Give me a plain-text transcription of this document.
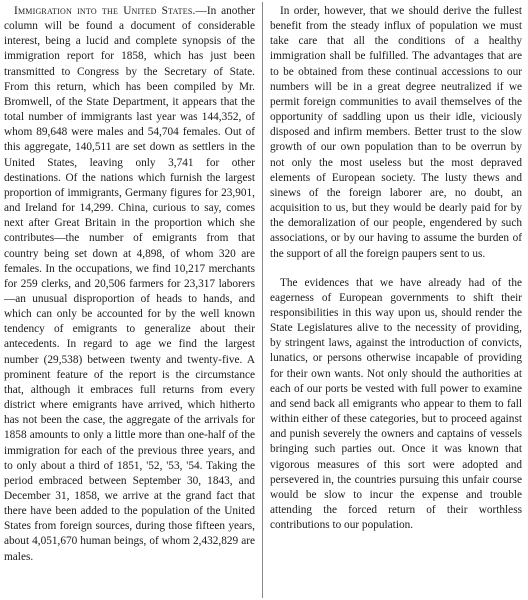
Immigration into the United States.—In another column will be found a document of considerable interest, being a lucid and complete synopsis of the immigration report for 1858, which has just been transmitted to Congress by the Secretary of State. From this return, which has been compiled by Mr. Bromwell, of the State Department, it appears that the total number of immigrants last year was 144,352, of whom 89,648 were males and 54,704 females. Out of this aggregate, 140,511 are set down as settlers in the United States, leaving only 3,741 for other destinations. Of the nations which furnish the largest proportion of immigrants, Germany figures for 23,901, and Ireland for 14,299. China, curious to say, comes next after Great Britain in the proportion which she contributes—the number of emigrants from that country being set down at 4,898, of whom 320 are females. In the occupations, we find 10,217 merchants for 259 clerks, and 20,506 farmers for 23,317 laborers—an unusual disproportion of heads to hands, and which can only be accounted for by the well known tendency of emigrants to generalize about their antecedents. In regard to age we find the largest number (29,538) between twenty and twenty-five. A prominent feature of the report is the circumstance that, although it embraces full returns from every district where emigrants have arrived, which hitherto has not been the case, the aggregate of the arrivals for 1858 amounts to only a little more than one-half of the immigration for each of the previous three years, and to only about a third of 1851, '52, '53, '54. Taking the period embraced between September 30, 1843, and December 31, 1858, we arrive at the grand fact that there have been added to the population of the United States from foreign sources, during those fifteen years, about 4,051,670 human beings, of whom 2,432,829 are males.

In order, however, that we should derive the fullest benefit from the steady influx of population we must take care that all the conditions of a healthy immigration shall be fulfilled. The advantages that are to be obtained from these continual accessions to our numbers will be in a great degree neutralized if we permit foreign communities to avail themselves of the opportunity of saddling upon us their idle, viciously disposed and infirm members. Better trust to the slow growth of our own population than to be overrun by not only the most useless but the most depraved elements of European society. The lusty thews and sinews of the foreign laborer are, no doubt, an acquisition to us, but they would be dearly paid for by the demoralization of our people, engendered by such associations, or by our having to assume the burden of the support of all the foreign paupers sent to us.

The evidences that we have already had of the eagerness of European governments to shift their responsibilities in this way upon us, should render the State Legislatures alive to the necessity of providing, by stringent laws, against the introduction of convicts, lunatics, or persons otherwise incapable of providing for their own wants. Not only should the authorities at each of our ports be vested with full power to examine and send back all emigrants who appear to them to fall within either of these categories, but to proceed against and punish severely the owners and captains of vessels bringing such parties out. Once it was known that vigorous measures of this sort were adopted and persevered in, the countries pursuing this unfair course would be slow to incur the expense and trouble attending the forced return of their worthless contributions to our population.
